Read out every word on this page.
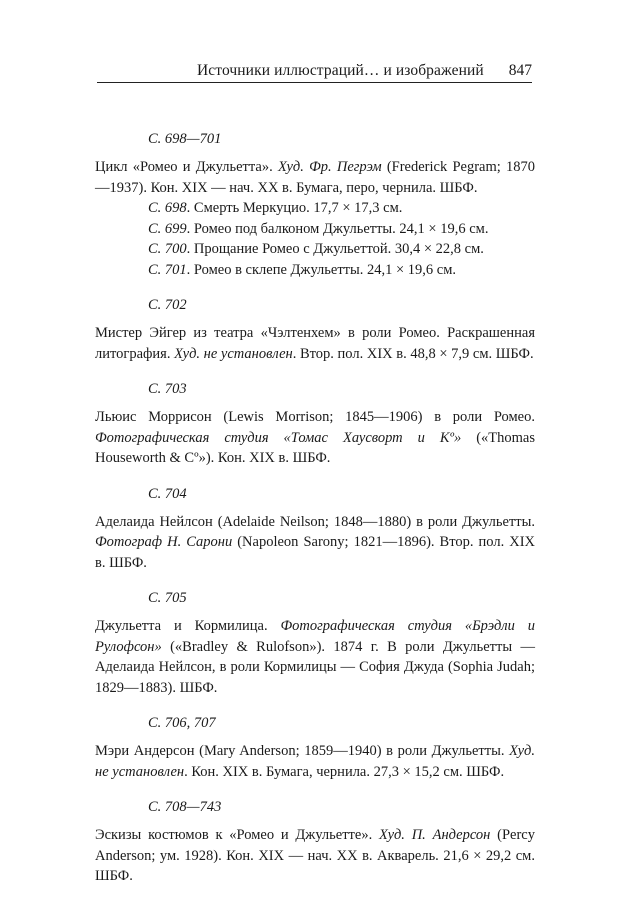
Источники иллюстраций… и изображений 847
С. 698—701
Цикл «Ромео и Джульетта». Худ. Фр. Пегрэм (Frederick Pegram; 1870—1937). Кон. XIX — нач. XX в. Бумага, перо, чернила. ШБФ.
С. 698. Смерть Меркуцио. 17,7 × 17,3 см.
С. 699. Ромео под балконом Джульетты. 24,1 × 19,6 см.
С. 700. Прощание Ромео с Джульеттой. 30,4 × 22,8 см.
С. 701. Ромео в склепе Джульетты. 24,1 × 19,6 см.
С. 702
Мистер Эйгер из театра «Чэлтенхем» в роли Ромео. Раскрашенная литография. Худ. не установлен. Втор. пол. XIX в. 48,8 × 7,9 см. ШБФ.
С. 703
Льюис Моррисон (Lewis Morrison; 1845—1906) в роли Ромео. Фотографическая студия «Томас Хаусворт и Кº» («Thomas Houseworth & Cº»). Кон. XIX в. ШБФ.
С. 704
Аделаида Нейлсон (Adelaide Neilson; 1848—1880) в роли Джульетты. Фотограф Н. Сарони (Napoleon Sarony; 1821—1896). Втор. пол. XIX в. ШБФ.
С. 705
Джульетта и Кормилица. Фотографическая студия «Брэдли и Рулофсон» («Bradley & Rulofson»). 1874 г. В роли Джульетты — Аделаида Нейлсон, в роли Кормилицы — София Джуда (Sophia Judah; 1829—1883). ШБФ.
С. 706, 707
Мэри Андерсон (Mary Anderson; 1859—1940) в роли Джульетты. Худ. не установлен. Кон. XIX в. Бумага, чернила. 27,3 × 15,2 см. ШБФ.
С. 708—743
Эскизы костюмов к «Ромео и Джульетте». Худ. П. Андерсон (Percy Anderson; ум. 1928). Кон. XIX — нач. XX в. Акварель. 21,6 × 29,2 см. ШБФ.
